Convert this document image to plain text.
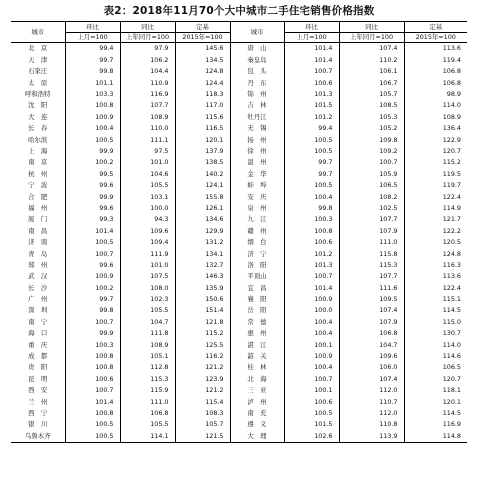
表2：2018年11月70个大中城市二手住宅销售价格指数
城市	环比	同比	定基	城市	环比	同比	定基
	上月=100	上年同月=100	2015年=100		上月=100	上年同月=100	2015年=100
北　京	99.4	97.9	145.6	唐　山	101.4	107.4	113.6
天　津	99.7	106.2	134.5	秦皇岛	101.4	110.2	119.4
石家庄	99.8	104.4	124.8	包　头	100.7	106.1	106.8
太　原	101.1	110.9	124.4	丹　东	100.6	106.7	106.8
呼和浩特	103.3	116.9	118.3	锦　州	101.3	105.7	98.9
沈　阳	100.8	107.7	117.0	吉　林	101.5	108.5	114.0
大　连	100.9	108.9	115.6	牡丹江	101.2	105.3	108.9
长　春	100.4	110.0	116.5	无　锡	99.4	105.2	136.4
哈尔滨	100.5	111.1	120.1	扬　州	100.5	109.8	122.9
上　海	99.9	97.5	137.9	徐　州	100.5	109.2	120.7
南　京	100.2	101.0	138.5	温　州	99.7	100.7	115.2
杭　州	99.5	104.6	140.2	金　华	99.7	105.9	119.5
宁　波	99.6	105.5	124.1	蚌　埠	100.5	106.5	119.7
合　肥	99.9	103.1	155.8	安　庆	100.4	108.2	122.4
福　州	99.6	100.0	126.1	泉　州	99.8	102.5	114.9
厦　门	99.3	94.3	134.6	九　江	100.3	107.7	121.7
南　昌	101.4	109.6	129.9	赣　州	100.8	107.9	122.2
济　南	100.5	109.4	131.2	烟　台	100.6	111.0	120.5
青　岛	100.7	111.9	134.1	济　宁	101.2	115.8	124.8
郑　州	99.6	101.0	132.7	洛　阳	101.3	115.3	116.3
武　汉	100.9	107.5	146.3	平顶山	100.7	107.7	113.6
长　沙	100.2	108.0	135.9	宜　昌	101.4	111.6	122.4
广　州	99.7	102.3	150.6	襄　阳	100.9	109.5	115.1
深　圳	99.8	105.5	151.4	岳　阳	100.0	107.4	114.5
南　宁	100.7	104.7	121.8	常　德	100.4	107.9	115.0
海　口	99.9	111.8	115.2	惠　州	100.4	106.8	130.7
重　庆	100.3	108.9	125.5	湛　江	100.1	104.7	114.0
成　都	100.8	105.1	116.2	韶　关	100.9	109.6	114.6
贵　阳	100.8	112.8	121.2	桂　林	100.4	106.0	106.5
昆　明	100.6	115.3	123.9	北　海	100.7	107.4	120.7
西　安	100.7	115.9	121.2	三　亚	100.1	112.0	118.1
兰　州	101.4	111.0	115.4	泸　州	100.6	110.7	120.1
西　宁	100.8	106.8	108.3	南　充	100.5	112.0	114.5
银　川	100.5	105.5	105.7	遵　义	101.5	110.8	116.9
乌鲁木齐	100.5	114.1	121.5	大　理	102.6	113.9	114.8
